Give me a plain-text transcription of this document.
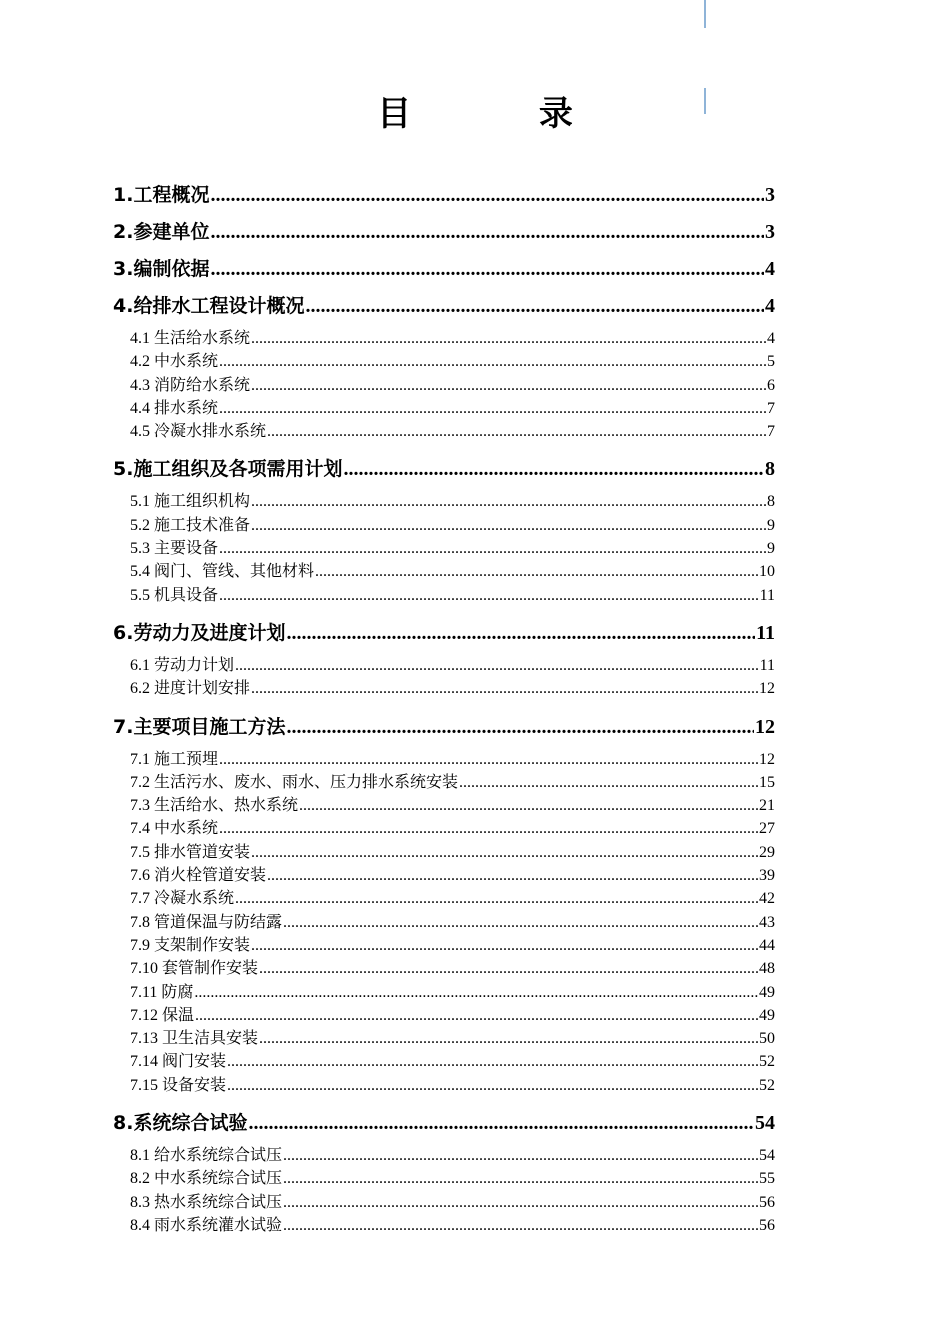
目 录
1.工程概况 .....	3
2.参建单位 .....	3
3.编制依据 .....	4
4.给排水工程设计概况 .....	4
4.1 生活给水系统 .....	4
4.2 中水系统 .....	5
4.3 消防给水系统 .....	6
4.4 排水系统 .....	7
4.5 冷凝水排水系统 .....	7
5.施工组织及各项需用计划 .....	8
5.1 施工组织机构 .....	8
5.2 施工技术准备 .....	9
5.3 主要设备 .....	9
5.4 阀门、管线、其他材料 .....	10
5.5 机具设备 .....	11
6.劳动力及进度计划 .....	11
6.1 劳动力计划 .....	11
6.2 进度计划安排 .....	12
7.主要项目施工方法 .....	12
7.1 施工预埋 .....	12
7.2 生活污水、废水、雨水、压力排水系统安装 .....	15
7.3 生活给水、热水系统 .....	21
7.4 中水系统 .....	27
7.5 排水管道安装 .....	29
7.6 消火栓管道安装 .....	39
7.7 冷凝水系统 .....	42
7.8 管道保温与防结露 .....	43
7.9 支架制作安装 .....	44
7.10 套管制作安装 .....	48
7.11 防腐 .....	49
7.12 保温 .....	49
7.13 卫生洁具安装 .....	50
7.14 阀门安装 .....	52
7.15 设备安装 .....	52
8.系统综合试验 .....	54
8.1 给水系统综合试压 .....	54
8.2 中水系统综合试压 .....	55
8.3 热水系统综合试压 .....	56
8.4 雨水系统灌水试验 .....	56
